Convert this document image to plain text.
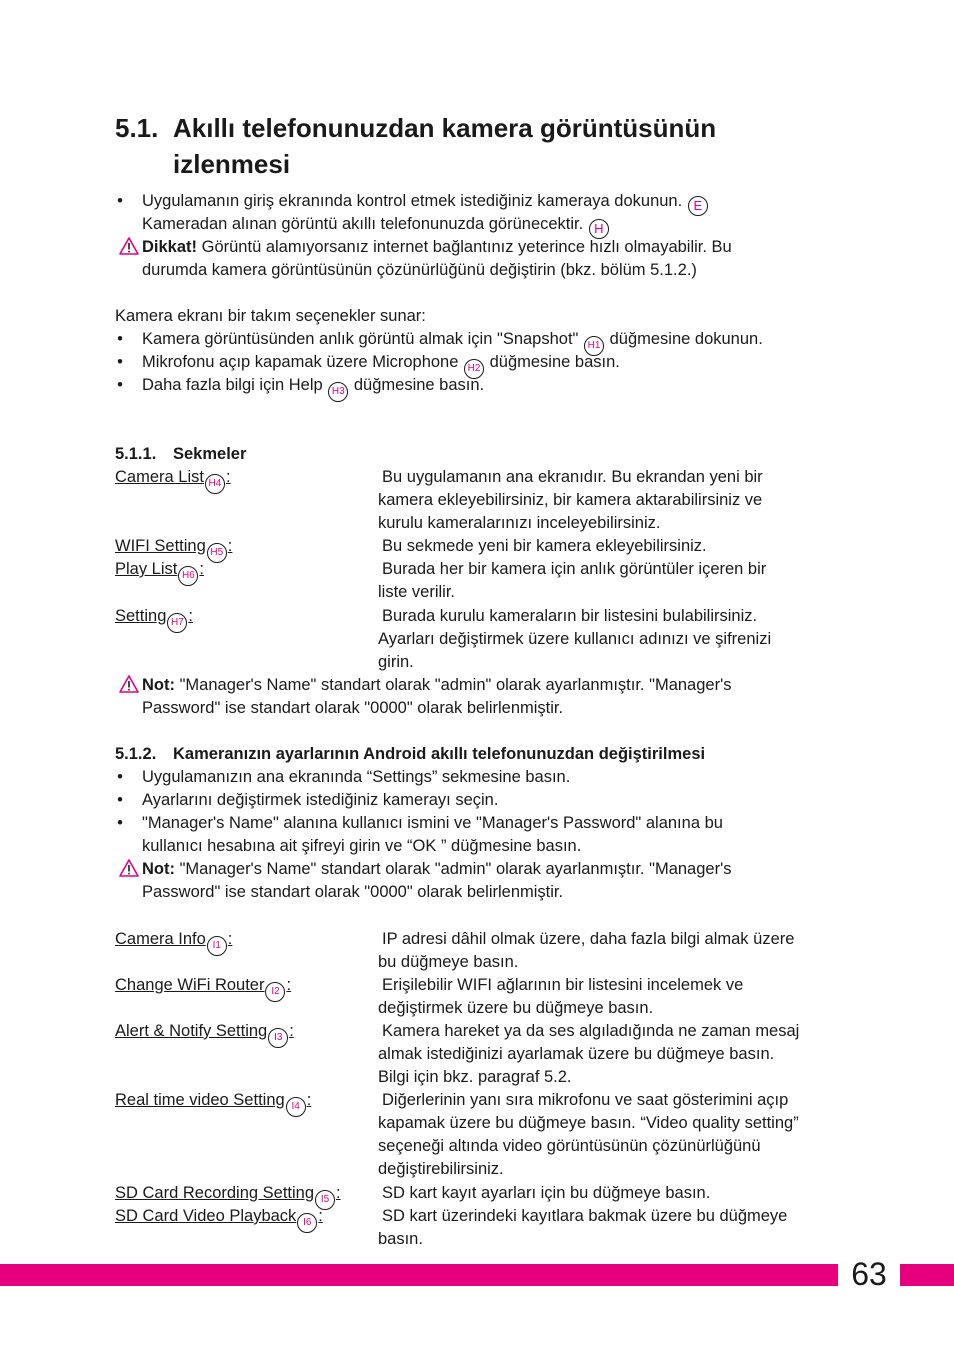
5.1. Akıllı telefonunuzdan kamera görüntüsünün
izlenmesi
• Uygulamanın giriş ekranında kontrol etmek istediğiniz kameraya dokunun. E
Kameradan alınan görüntü akıllı telefonunuzda görünecektir. H
Dikkat! Görüntü alamıyorsanız internet bağlantınız yeterince hızlı olmayabilir. Bu
durumda kamera görüntüsünün çözünürlüğünü değiştirin (bkz. bölüm 5.1.2.)
Kamera ekranı bir takım seçenekler sunar:
• Kamera görüntüsünden anlık görüntü almak için "Snapshot" H1 düğmesine dokunun.
• Mikrofonu açıp kapamak üzere Microphone H2 düğmesine basın.
• Daha fazla bilgi için Help H3 düğmesine basın.
5.1.1. Sekmeler
Camera List H4 :	Bu uygulamanın ana ekranıdır. Bu ekrandan yeni bir
kamera ekleyebilirsiniz, bir kamera aktarabilirsiniz ve
kurulu kameralarınızı inceleyebilirsiniz.
WIFI Setting H5 :	Bu sekmede yeni bir kamera ekleyebilirsiniz.
Play List H6 :	Burada her bir kamera için anlık görüntüler içeren bir
liste verilir.
Setting H7 :	Burada kurulu kameraların bir listesini bulabilirsiniz.
Ayarları değiştirmek üzere kullanıcı adınızı ve şifrenizi
girin.
Not: "Manager's Name" standart olarak "admin" olarak ayarlanmıştır. "Manager's
Password" ise standart olarak "0000" olarak belirlenmiştir.
5.1.2. Kameranızın ayarlarının Android akıllı telefonunuzdan değiştirilmesi
• Uygulamanızın ana ekranında “Settings” sekmesine basın.
• Ayarlarını değiştirmek istediğiniz kamerayı seçin.
• "Manager's Name" alanına kullanıcı ismini ve "Manager's Password" alanına bu
kullanıcı hesabına ait şifreyi girin ve “OK ” düğmesine basın.
Not: "Manager's Name" standart olarak "admin" olarak ayarlanmıştır. "Manager's
Password" ise standart olarak "0000" olarak belirlenmiştir.
Camera Info I1 :	IP adresi dâhil olmak üzere, daha fazla bilgi almak üzere
bu düğmeye basın.
Change WiFi Router I2 :	Erişilebilir WIFI ağlarının bir listesini incelemek ve
değiştirmek üzere bu düğmeye basın.
Alert & Notify Setting I3 :	Kamera hareket ya da ses algıladığında ne zaman mesaj
almak istediğinizi ayarlamak üzere bu düğmeye basın.
Bilgi için bkz. paragraf 5.2.
Real time video Setting I4 :	Diğerlerinin yanı sıra mikrofonu ve saat gösterimini açıp
kapamak üzere bu düğmeye basın. “Video quality setting”
seçeneği altında video görüntüsünün çözünürlüğünü
değiştirebilirsiniz.
SD Card Recording Setting I5 :	SD kart kayıt ayarları için bu düğmeye basın.
SD Card Video Playback I6 :	SD kart üzerindeki kayıtlara bakmak üzere bu düğmeye
basın.
63
